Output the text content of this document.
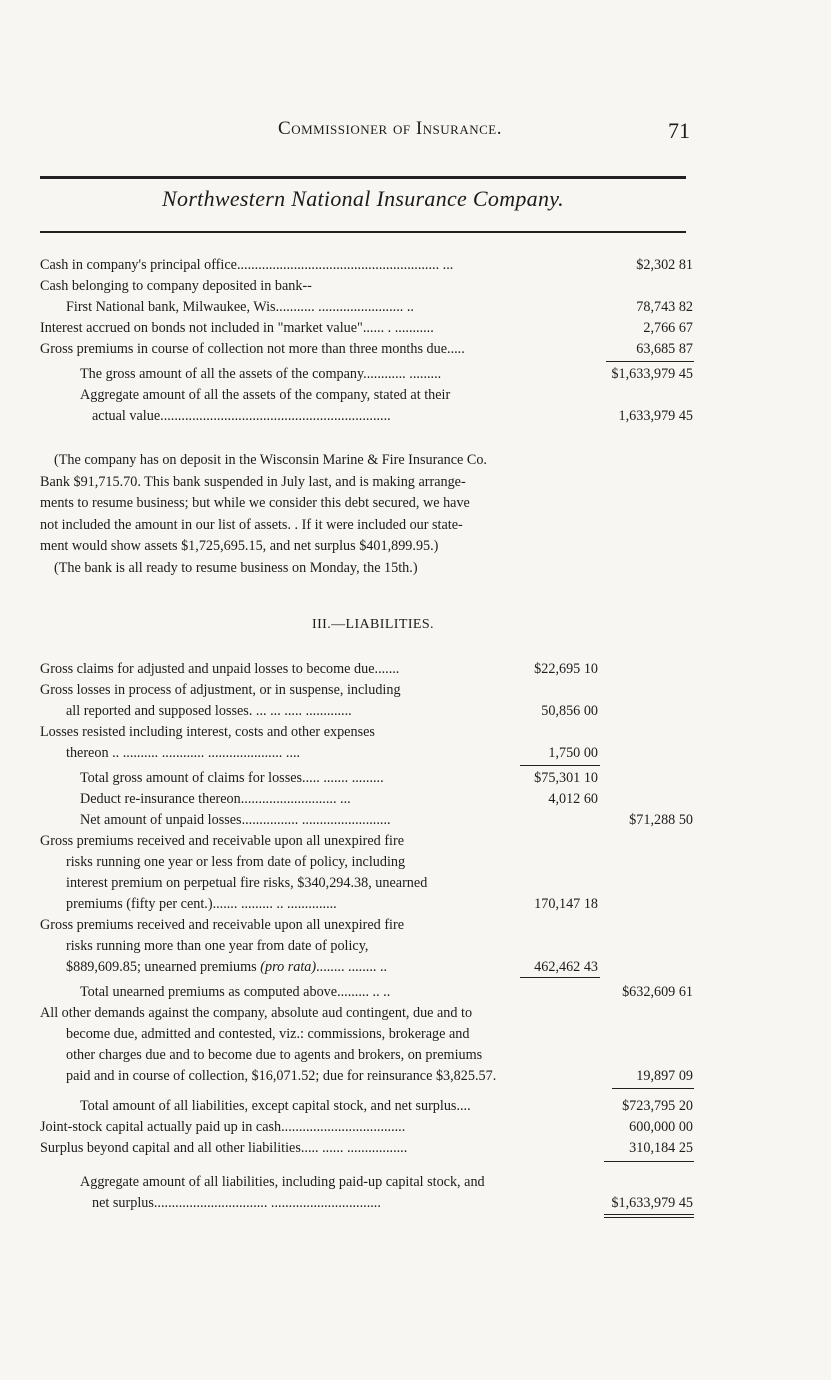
Commissioner of Insurance.	71
Northwestern National Insurance Company.
Cash in company's principal office......................................................... ...	$2,302 81
Cash belonging to company deposited in bank--
First National bank, Milwaukee, Wis........... ........................ ..	78,743 82
Interest accrued on bonds not included in "market value"...... . ...........	2,766 67
Gross premiums in course of collection not more than three months due.....	63,685 87
The gross amount of all the assets of the company............ .........	$1,633,979 45
Aggregate amount of all the assets of the company, stated at their
actual value.................................................................	1,633,979 45

(The company has on deposit in the Wisconsin Marine & Fire Insurance Co.

Bank $91,715.70. This bank suspended in July last, and is making arrange-

ments to resume business; but while we consider this debt secured, we have

not included the amount in our list of assets. . If it were included our state-

ment would show assets $1,725,695.15, and net surplus $401,899.95.)

(The bank is all ready to resume business on Monday, the 15th.)

III.—LIABILITIES.
Gross claims for adjusted and unpaid losses to become due.......	$22,695 10
Gross losses in process of adjustment, or in suspense, including
all reported and supposed losses. ... ... ..... .............	50,856 00
Losses resisted including interest, costs and other expenses
thereon .. .......... ............ ..................... ....	1,750 00
Total gross amount of claims for losses..... ....... .........	$75,301 10
Deduct re-insurance thereon........................... ...	4,012 60
Net amount of unpaid losses................ .........................	$71,288 50
Gross premiums received and receivable upon all unexpired fire
risks running one year or less from date of policy, including
interest premium on perpetual fire risks, $340,294.38, unearned
premiums (fifty per cent.)....... ......... .. ..............	170,147 18
Gross premiums received and receivable upon all unexpired fire
risks running more than one year from date of policy,
$889,609.85; unearned premiums (pro rata)........ ........ ..	462,462 43
Total unearned premiums as computed above......... .. ..	$632,609 61
All other demands against the company, absolute aud contingent, due and to
become due, admitted and contested, viz.: commissions, brokerage and
other charges due and to become due to agents and brokers, on premiums
paid and in course of collection, $16,071.52; due for reinsurance $3,825.57.	19,897 09
Total amount of all liabilities, except capital stock, and net surplus....	$723,795 20
Joint-stock capital actually paid up in cash...................................	600,000 00
Surplus beyond capital and all other liabilities..... ...... .................	310,184 25
Aggregate amount of all liabilities, including paid-up capital stock, and
net surplus................................ ...............................	$1,633,979 45
